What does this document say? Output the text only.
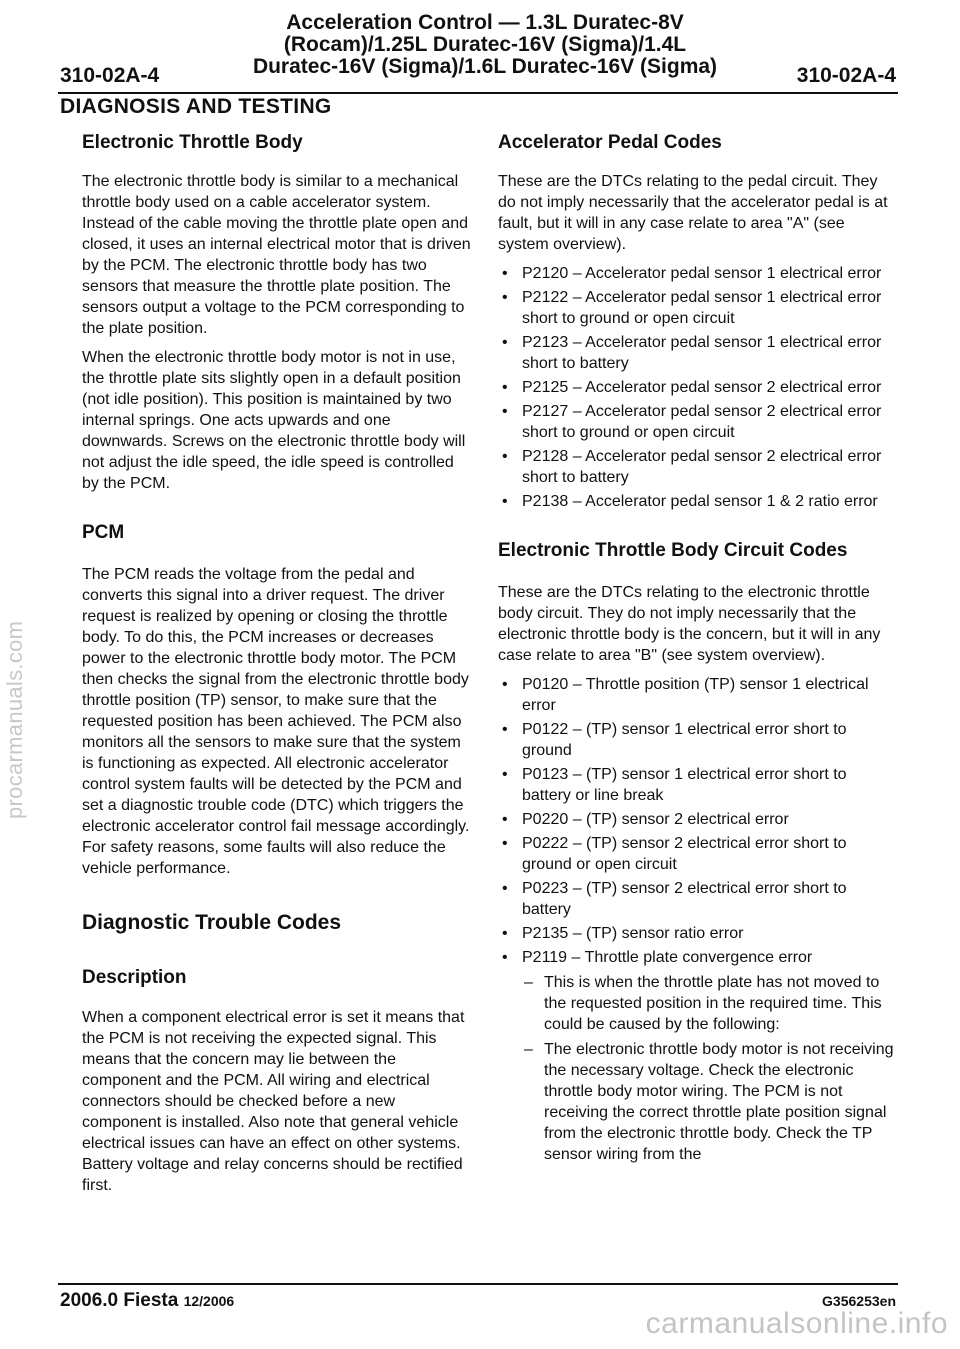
procarmanuals.com
Acceleration Control — 1.3L Duratec-8V
(Rocam)/1.25L Duratec-16V (Sigma)/1.4L
Duratec-16V (Sigma)/1.6L Duratec-16V (Sigma)
310-02A-4	310-02A-4
DIAGNOSIS AND TESTING
Electronic Throttle Body

The electronic throttle body is similar to a mechanical throttle body used on a cable accelerator system. Instead of the cable moving the throttle plate open and closed, it uses an internal electrical motor that is driven by the PCM. The electronic throttle body has two sensors that measure the throttle plate position. The sensors output a voltage to the PCM corresponding to the plate position.

When the electronic throttle body motor is not in use, the throttle plate sits slightly open in a default position (not idle position). This position is maintained by two internal springs. One acts upwards and one downwards. Screws on the electronic throttle body will not adjust the idle speed, the idle speed is controlled by the PCM.

PCM

The PCM reads the voltage from the pedal and converts this signal into a driver request. The driver request is realized by opening or closing the throttle body. To do this, the PCM increases or decreases power to the electronic throttle body motor. The PCM then checks the signal from the electronic throttle body throttle position (TP) sensor, to make sure that the requested position has been achieved. The PCM also monitors all the sensors to make sure that the system is functioning as expected. All electronic accelerator control system faults will be detected by the PCM and set a diagnostic trouble code (DTC) which triggers the electronic accelerator control fail message accordingly. For safety reasons, some faults will also reduce the vehicle performance.

Diagnostic Trouble Codes
Description

When a component electrical error is set it means that the PCM is not receiving the expected signal. This means that the concern may lie between the component and the PCM. All wiring and electrical connectors should be checked before a new component is installed. Also note that general vehicle electrical issues can have an effect on other systems. Battery voltage and relay concerns should be rectified first.

Accelerator Pedal Codes

These are the DTCs relating to the pedal circuit. They do not imply necessarily that the accelerator pedal is at fault, but it will in any case relate to area "A" (see system overview).

• P2120 – Accelerator pedal sensor 1 electrical error
• P2122 – Accelerator pedal sensor 1 electrical error short to ground or open circuit
• P2123 – Accelerator pedal sensor 1 electrical error short to battery
• P2125 – Accelerator pedal sensor 2 electrical error
• P2127 – Accelerator pedal sensor 2 electrical error short to ground or open circuit
• P2128 – Accelerator pedal sensor 2 electrical error short to battery
• P2138 – Accelerator pedal sensor 1 & 2 ratio error
Electronic Throttle Body Circuit Codes

These are the DTCs relating to the electronic throttle body circuit. They do not imply necessarily that the electronic throttle body is the concern, but it will in any case relate to area "B" (see system overview).

• P0120 – Throttle position (TP) sensor 1 electrical error
• P0122 – (TP) sensor 1 electrical error short to ground
• P0123 – (TP) sensor 1 electrical error short to battery or line break
• P0220 – (TP) sensor 2 electrical error
• P0222 – (TP) sensor 2 electrical error short to ground or open circuit
• P0223 – (TP) sensor 2 electrical error short to battery
• P2135 – (TP) sensor ratio error
• P2119 – Throttle plate convergence error
– This is when the throttle plate has not moved to the requested position in the required time. This could be caused by the following:
– The electronic throttle body motor is not receiving the necessary voltage. Check the electronic throttle body motor wiring. The PCM is not receiving the correct throttle plate position signal from the electronic throttle body. Check the TP sensor wiring from the
2006.0 Fiesta 12/2006	G356253en
carmanualsonline.info
